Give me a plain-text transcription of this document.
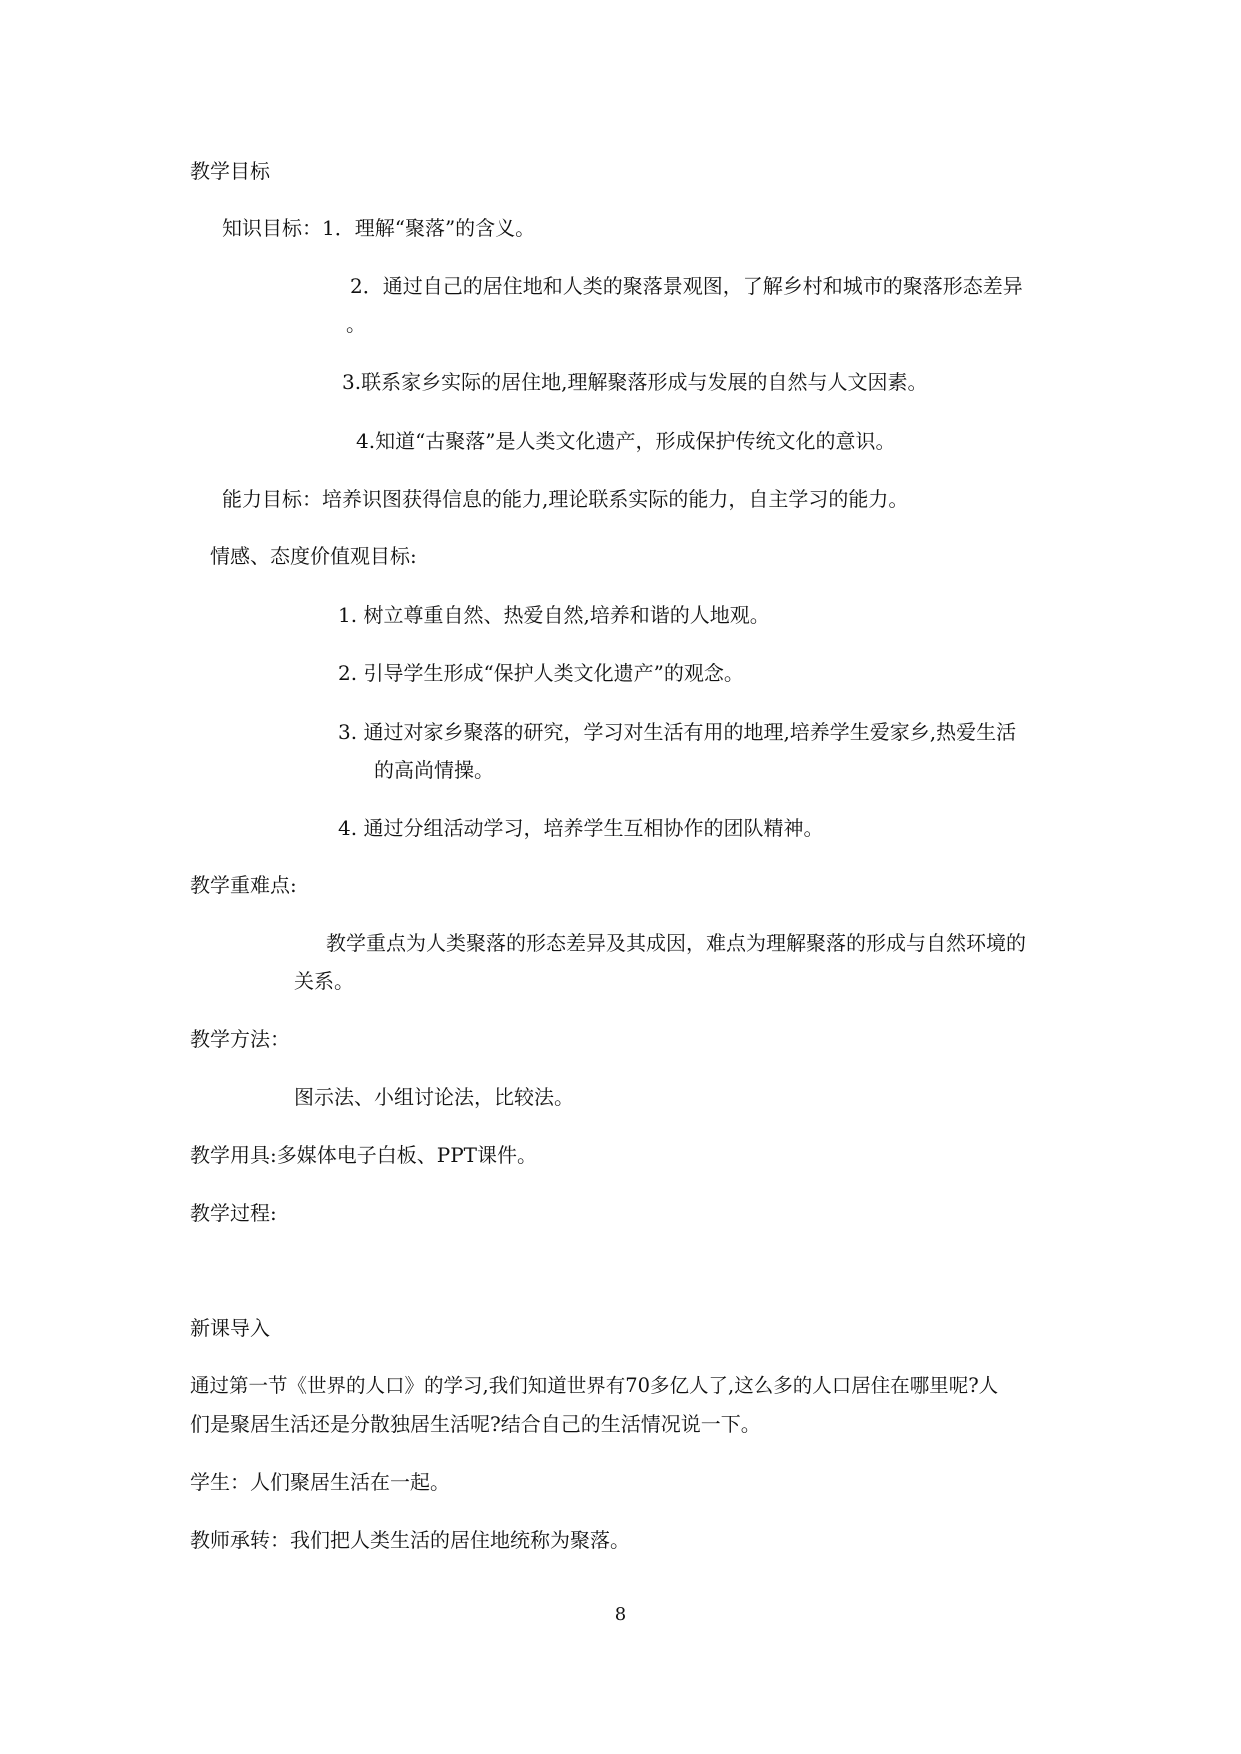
教学目标
知识目标：1．理解“聚落”的含义。
2．通过自己的居住地和人类的聚落景观图，了解乡村和城市的聚落形态差异
。
3.联系家乡实际的居住地,理解聚落形成与发展的自然与人文因素。
4.知道“古聚落”是人类文化遗产，形成保护传统文化的意识。
能力目标：培养识图获得信息的能力,理论联系实际的能力，自主学习的能力。
情感、态度价值观目标:
1. 树立尊重自然、热爱自然,培养和谐的人地观。
2. 引导学生形成“保护人类文化遗产”的观念。
3. 通过对家乡聚落的研究，学习对生活有用的地理,培养学生爱家乡,热爱生活
的高尚情操。
4. 通过分组活动学习，培养学生互相协作的团队精神。
教学重难点:
教学重点为人类聚落的形态差异及其成因，难点为理解聚落的形成与自然环境的
关系。
教学方法：
图示法、小组讨论法，比较法。
教学用具:多媒体电子白板、PPT课件。
教学过程:
新课导入
通过第一节《世界的人口》的学习,我们知道世界有70多亿人了,这么多的人口居住在哪里呢?人
们是聚居生活还是分散独居生活呢?结合自己的生活情况说一下。
学生：人们聚居生活在一起。
教师承转：我们把人类生活的居住地统称为聚落。
8
